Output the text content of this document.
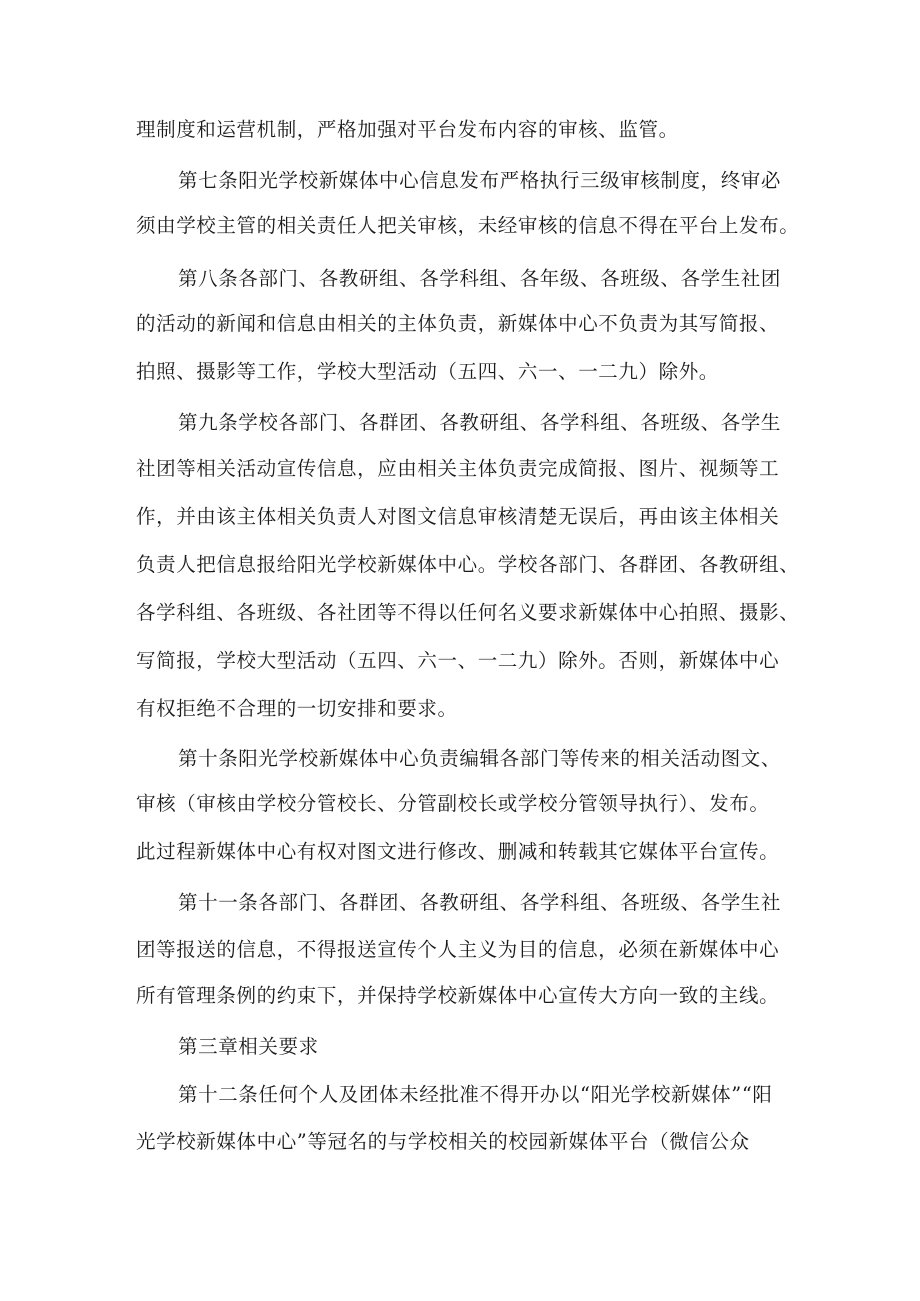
理制度和运营机制，严格加强对平台发布内容的审核、监管。
第七条阳光学校新媒体中心信息发布严格执行三级审核制度，终审必
须由学校主管的相关责任人把关审核，未经审核的信息不得在平台上发布。
第八条各部门、各教研组、各学科组、各年级、各班级、各学生社团
的活动的新闻和信息由相关的主体负责，新媒体中心不负责为其写简报、
拍照、摄影等工作，学校大型活动（五四、六一、一二九）除外。
第九条学校各部门、各群团、各教研组、各学科组、各班级、各学生
社团等相关活动宣传信息，应由相关主体负责完成简报、图片、视频等工
作，并由该主体相关负责人对图文信息审核清楚无误后，再由该主体相关
负责人把信息报给阳光学校新媒体中心。学校各部门、各群团、各教研组、
各学科组、各班级、各社团等不得以任何名义要求新媒体中心拍照、摄影、
写简报，学校大型活动（五四、六一、一二九）除外。否则，新媒体中心
有权拒绝不合理的一切安排和要求。
第十条阳光学校新媒体中心负责编辑各部门等传来的相关活动图文、
审核（审核由学校分管校长、分管副校长或学校分管领导执行）、发布。
此过程新媒体中心有权对图文进行修改、删减和转载其它媒体平台宣传。
第十一条各部门、各群团、各教研组、各学科组、各班级、各学生社
团等报送的信息，不得报送宣传个人主义为目的信息，必须在新媒体中心
所有管理条例的约束下，并保持学校新媒体中心宣传大方向一致的主线。
第三章相关要求
第十二条任何个人及团体未经批准不得开办以“阳光学校新媒体”“阳
光学校新媒体中心”等冠名的与学校相关的校园新媒体平台（微信公众
